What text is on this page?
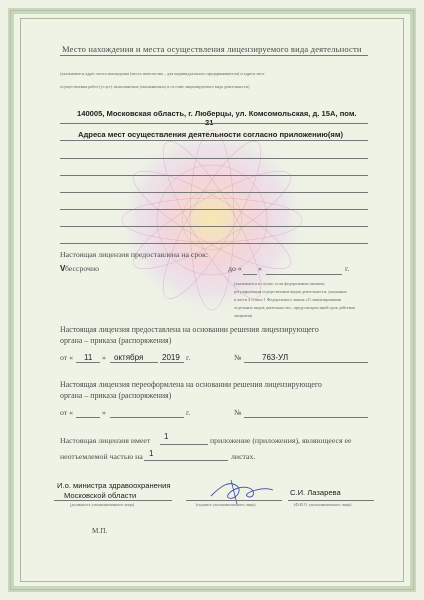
Место нахождения и места осуществления лицензируемого вида деятельности
(указываются адрес места нахождения (места жительства – для индивидуального предпринимателя) и адреса мест
осуществления работ (услуг), выполняемых (оказываемых) в составе лицензируемого вида деятельности)
140005, Московская область, г. Люберцы, ул. Комсомольская, д. 15А, пом.
21
Адреса мест осуществления деятельности согласно приложению(ям)
Настоящая лицензия предоставлена на срок:
V бессрочно	до « »	г.
(указывается в случае, если федеральным законом,
регулирующим осуществление видов деятельности, указанных
в части 4 статьи 1 Федерального закона «О лицензировании
отдельных видов деятельности», предусмотрен иной срок действия
лицензии)
Настоящая лицензия предоставлена на основании решения лицензирующего
органа – приказа (распоряжения)
от « 11 » октября 2019 г.	№	763-УЛ
Настоящая лицензия переоформлена на основании решения лицензирующего
органа – приказа (распоряжения)
от «	»	г.	№
Настоящая лицензия имеет 1	приложение (приложения), являющееся ее
неотъемлемой частью на 1	листах.
И.о. министра здравоохранения
Московской области
(должность уполномоченного лица)	(подпись уполномоченного лица)
С.И. Лазарева
(Ф.И.О. уполномоченного лица)
М.П.
